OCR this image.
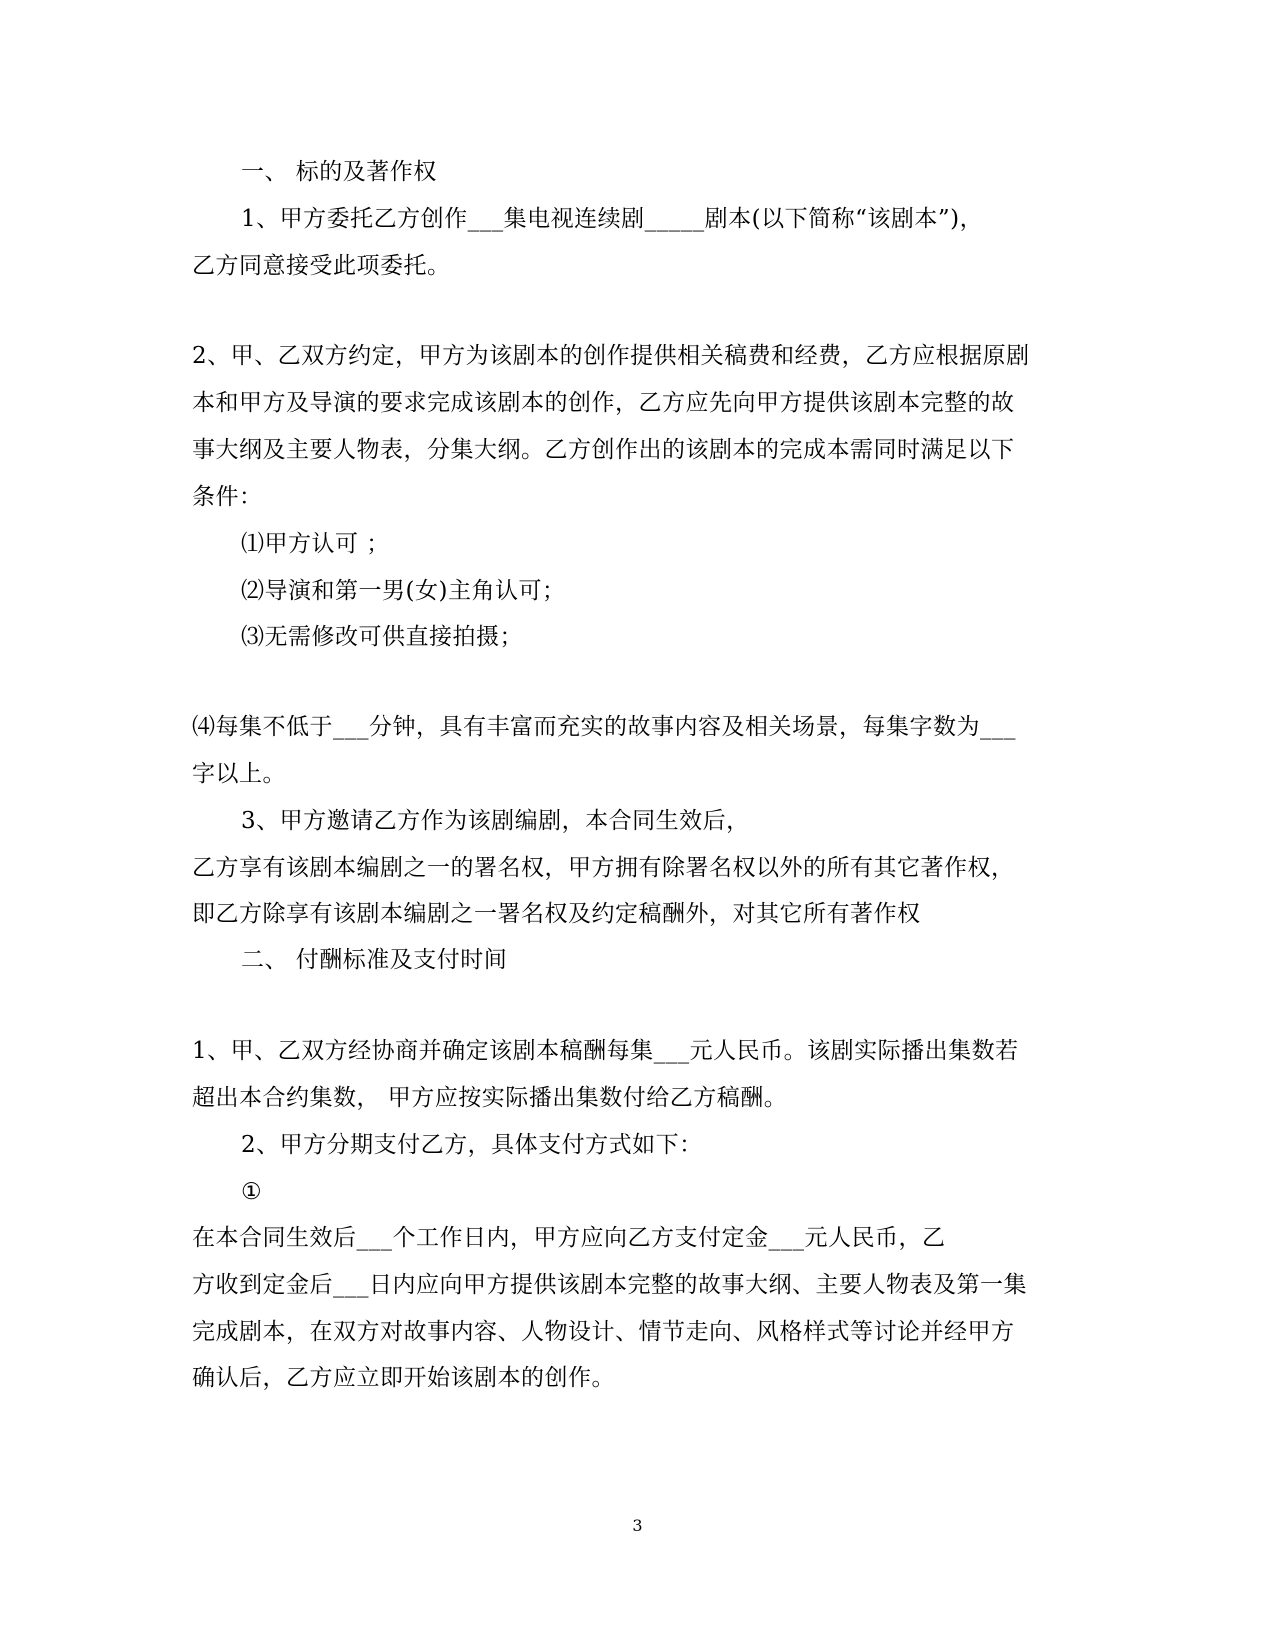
一、 标的及著作权
1、甲方委托乙方创作___集电视连续剧_____剧本(以下简称“该剧本”)，
乙方同意接受此项委托。
2、甲、乙双方约定，甲方为该剧本的创作提供相关稿费和经费，乙方应根据原剧
本和甲方及导演的要求完成该剧本的创作，乙方应先向甲方提供该剧本完整的故
事大纲及主要人物表，分集大纲。乙方创作出的该剧本的完成本需同时满足以下
条件：
⑴甲方认可 ；
⑵导演和第一男(女)主角认可；
⑶无需修改可供直接拍摄；
⑷每集不低于___分钟，具有丰富而充实的故事内容及相关场景，每集字数为___
字以上。
3、甲方邀请乙方作为该剧编剧，本合同生效后，
乙方享有该剧本编剧之一的署名权，甲方拥有除署名权以外的所有其它著作权，
即乙方除享有该剧本编剧之一署名权及约定稿酬外，对其它所有著作权
二、 付酬标准及支付时间
1、甲、乙双方经协商并确定该剧本稿酬每集___元人民币。该剧实际播出集数若
超出本合约集数， 甲方应按实际播出集数付给乙方稿酬。
2、甲方分期支付乙方，具体支付方式如下：
①
在本合同生效后___个工作日内，甲方应向乙方支付定金___元人民币，乙
方收到定金后___日内应向甲方提供该剧本完整的故事大纲、主要人物表及第一集
完成剧本，在双方对故事内容、人物设计、情节走向、风格样式等讨论并经甲方
确认后，乙方应立即开始该剧本的创作。
3
